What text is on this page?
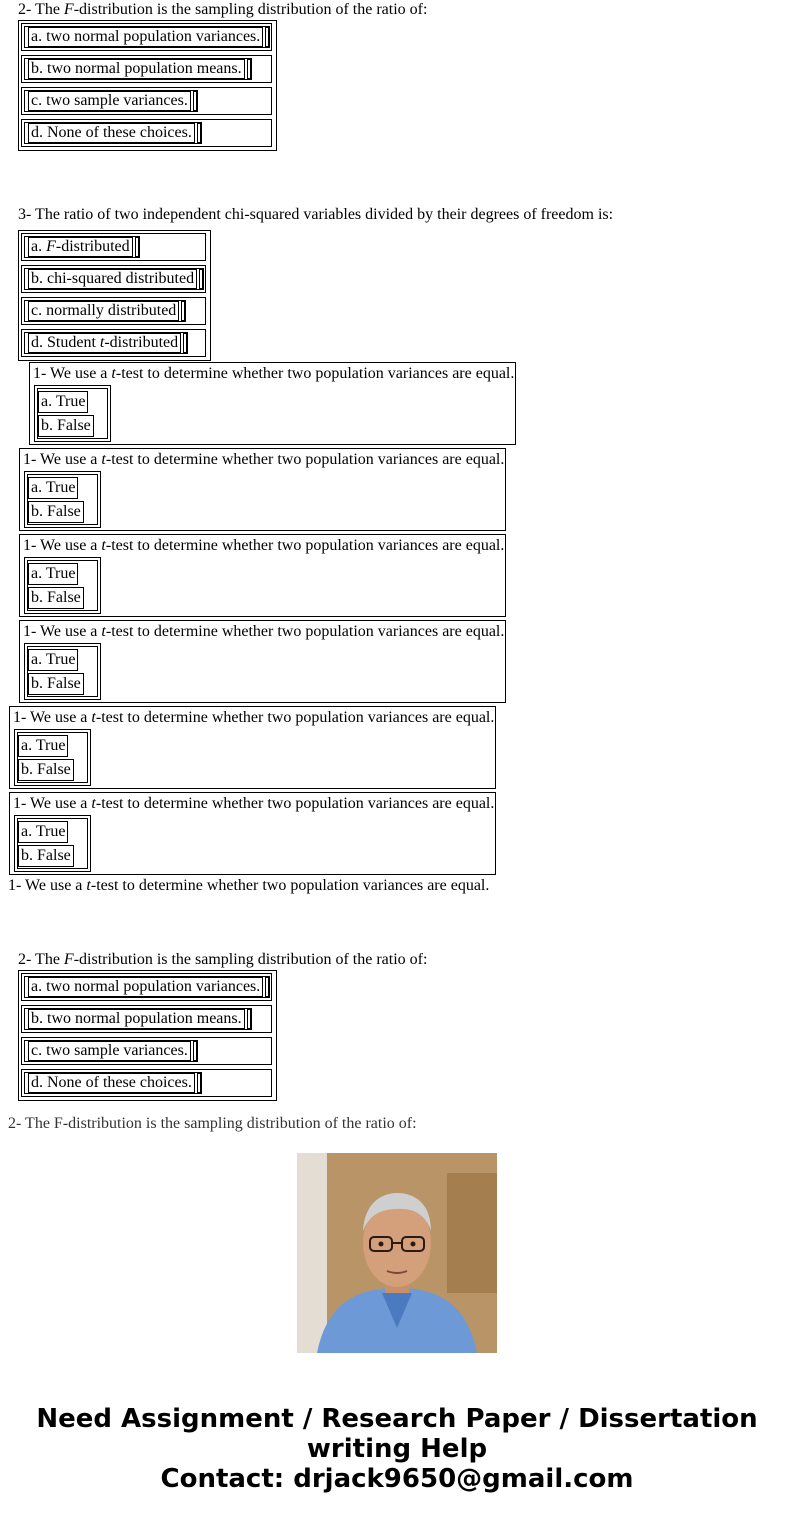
2- The F-distribution is the sampling distribution of the ratio of:
a. two normal population variances.
b. two normal population means.
c. two sample variances.
d. None of these choices.
3- The ratio of two independent chi-squared variables divided by their degrees of freedom is:
a.
F -distributed
b. chi-squared distributed
c. normally distributed
d. Student
t -distributed
1- We use a t-test to determine whether two population variances are equal.
a. True
b. False
1- We use a t-test to determine whether two population variances are equal.
a. True
b. False
1- We use a t-test to determine whether two population variances are equal.
a. True
b. False
1- We use a t-test to determine whether two population variances are equal.
a. True
b. False
1- We use a t-test to determine whether two population variances are equal.
a. True
b. False
1- We use a t-test to determine whether two population variances are equal.
a. True
b. False
1- We use a t-test to determine whether two population variances are equal.
2- The F-distribution is the sampling distribution of the ratio of:
a. two normal population variances.
b. two normal population means.
c. two sample variances.
d. None of these choices.
2- The F-distribution is the sampling distribution of the ratio of:
Need Assignment / Research Paper / Dissertation
writing Help
Contact: drjack9650@gmail.com
